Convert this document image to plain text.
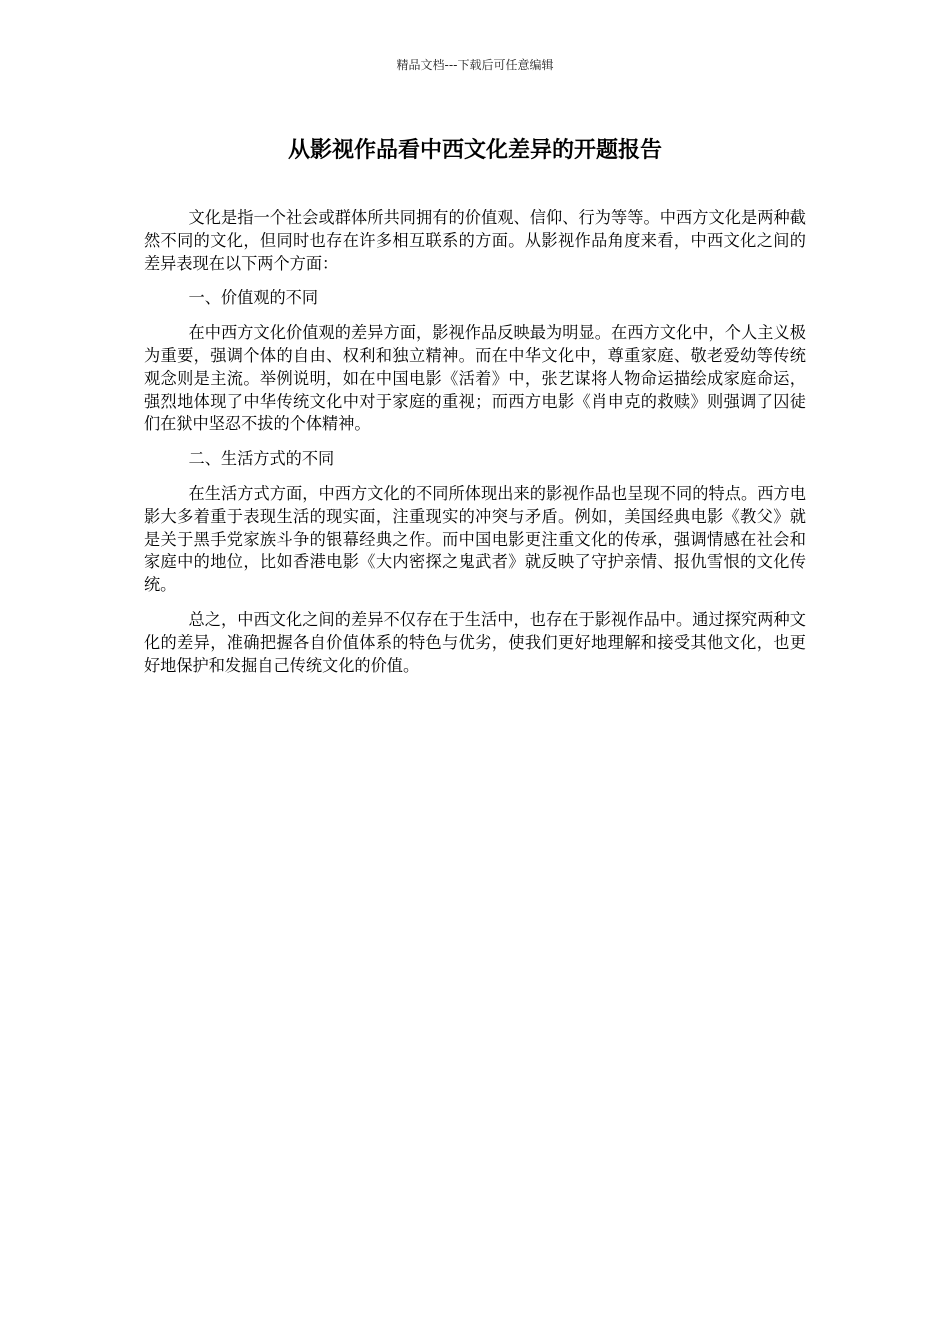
精品文档---下载后可任意编辑
从影视作品看中西文化差异的开题报告

文化是指一个社会或群体所共同拥有的价值观、信仰、行为等等。中西方文化是两种截然不同的文化，但同时也存在许多相互联系的方面。从影视作品角度来看，中西文化之间的差异表现在以下两个方面：

一、价值观的不同

在中西方文化价值观的差异方面，影视作品反映最为明显。在西方文化中，个人主义极为重要，强调个体的自由、权利和独立精神。而在中华文化中，尊重家庭、敬老爱幼等传统观念则是主流。举例说明，如在中国电影《活着》中，张艺谋将人物命运描绘成家庭命运，强烈地体现了中华传统文化中对于家庭的重视；而西方电影《肖申克的救赎》则强调了囚徒们在狱中坚忍不拔的个体精神。

二、生活方式的不同

在生活方式方面，中西方文化的不同所体现出来的影视作品也呈现不同的特点。西方电影大多着重于表现生活的现实面，注重现实的冲突与矛盾。例如，美国经典电影《教父》就是关于黑手党家族斗争的银幕经典之作。而中国电影更注重文化的传承，强调情感在社会和家庭中的地位，比如香港电影《大内密探之鬼武者》就反映了守护亲情、报仇雪恨的文化传统。

总之，中西文化之间的差异不仅存在于生活中，也存在于影视作品中。通过探究两种文化的差异，准确把握各自价值体系的特色与优劣，使我们更好地理解和接受其他文化，也更好地保护和发掘自己传统文化的价值。
